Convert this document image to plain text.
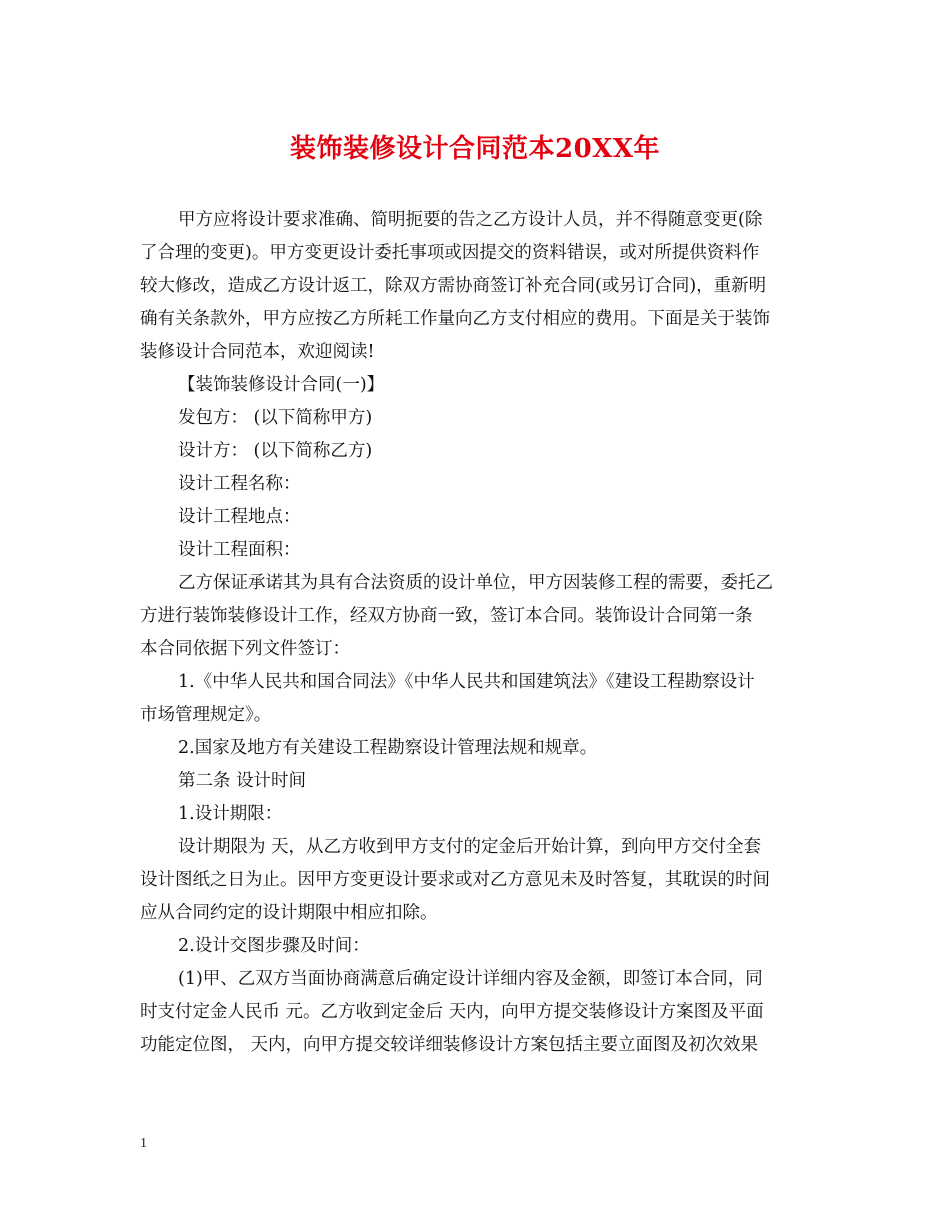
装饰装修设计合同范本20XX年
甲方应将设计要求准确、简明扼要的告之乙方设计人员，并不得随意变更(除
了合理的变更)。甲方变更设计委托事项或因提交的资料错误，或对所提供资料作
较大修改，造成乙方设计返工，除双方需协商签订补充合同(或另订合同)，重新明
确有关条款外，甲方应按乙方所耗工作量向乙方支付相应的费用。下面是关于装饰
装修设计合同范本，欢迎阅读!
【装饰装修设计合同(一)】
发包方： (以下简称甲方)
设计方： (以下简称乙方)
设计工程名称：
设计工程地点：
设计工程面积：
乙方保证承诺其为具有合法资质的设计单位，甲方因装修工程的需要，委托乙
方进行装饰装修设计工作，经双方协商一致，签订本合同。装饰设计合同第一条
本合同依据下列文件签订：
1.《中华人民共和国合同法》《中华人民共和国建筑法》《建设工程勘察设计
市场管理规定》。
2.国家及地方有关建设工程勘察设计管理法规和规章。
第二条 设计时间
1.设计期限：
设计期限为 天，从乙方收到甲方支付的定金后开始计算，到向甲方交付全套
设计图纸之日为止。因甲方变更设计要求或对乙方意见未及时答复，其耽误的时间
应从合同约定的设计期限中相应扣除。
2.设计交图步骤及时间：
(1)甲、乙双方当面协商满意后确定设计详细内容及金额，即签订本合同，同
时支付定金人民币 元。乙方收到定金后 天内，向甲方提交装修设计方案图及平面
功能定位图， 天内，向甲方提交较详细装修设计方案包括主要立面图及初次效果
1
